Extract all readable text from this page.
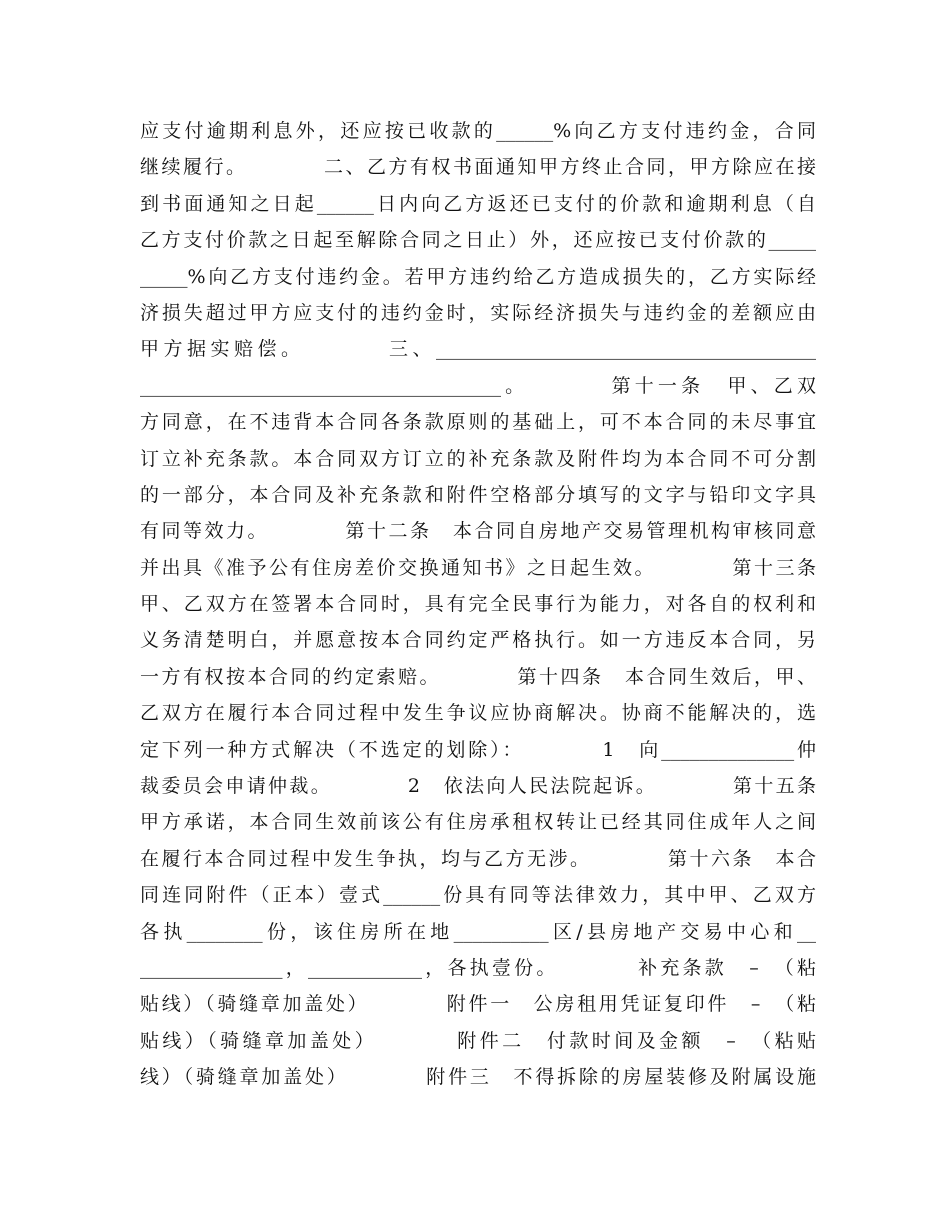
应支付逾期利息外，还应按已收款的______%向乙方支付违约金，合同
继续履行。　　　　二、乙方有权书面通知甲方终止合同，甲方除应在接
到书面通知之日起______日内向乙方返还已支付的价款和逾期利息（自
乙方支付价款之日起至解除合同之日止）外，还应按已支付价款的_____
_____%向乙方支付违约金。若甲方违约给乙方造成损失的，乙方实际经
济损失超过甲方应支付的违约金时，实际经济损失与违约金的差额应由
甲方据实赔偿。　　　　三、________________________________________
______________________________________。　　　　第十一条　甲、乙双
方同意，在不违背本合同各条款原则的基础上，可不本合同的未尽事宜
订立补充条款。本合同双方订立的补充条款及附件均为本合同不可分割
的一部分，本合同及补充条款和附件空格部分填写的文字与铅印文字具
有同等效力。　　　　第十二条　本合同自房地产交易管理机构审核同意
并出具《准予公有住房差价交换通知书》之日起生效。　　　　第十三条
甲、乙双方在签署本合同时，具有完全民事行为能力，对各自的权利和
义务清楚明白，并愿意按本合同约定严格执行。如一方违反本合同，另
一方有权按本合同的约定索赔。　　　　第十四条　本合同生效后，甲、
乙双方在履行本合同过程中发生争议应协商解决。协商不能解决的，选
定下列一种方式解决（不选定的划除）：　　　　1　向______________仲
裁委员会申请仲裁。　　　　2　依法向人民法院起诉。　　　　第十五条
甲方承诺，本合同生效前该公有住房承租权转让已经其同住成年人之间
在履行本合同过程中发生争执，均与乙方无涉。　　　　第十六条　本合
同连同附件（正本）壹式______份具有同等法律效力，其中甲、乙双方
各执________份，该住房所在地__________区/县房地产交易中心和__
_______________，____________，各执壹份。　　　　补充条款　–　（粘
贴线）（骑缝章加盖处）　　　　附件一　公房租用凭证复印件　–　（粘
贴线）（骑缝章加盖处）　　　　附件二　付款时间及金额　–　（粘贴
线）（骑缝章加盖处）　　　　附件三　不得拆除的房屋装修及附属设施
